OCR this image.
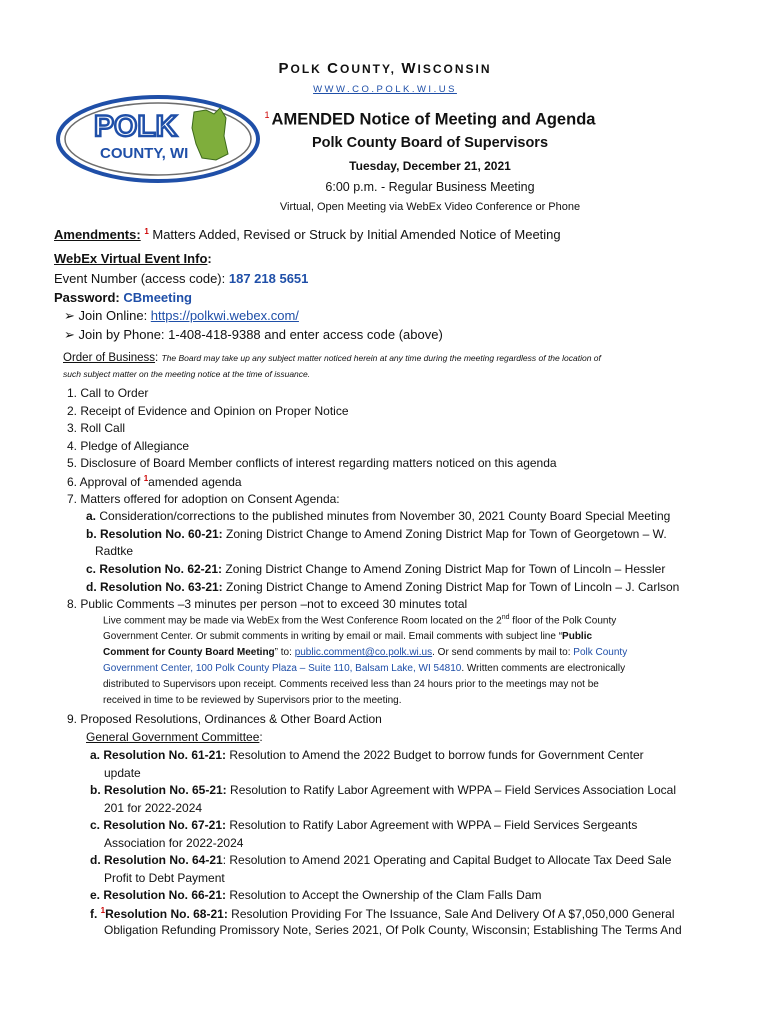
POLK COUNTY, WISCONSIN
WWW.CO.POLK.WI.US
POLK
COUNTY, WI
$^1$ AMENDED Notice of Meeting and Agenda
Polk County Board of Supervisors
Tuesday, December 21, 2021
6:00 p.m. - Regular Business Meeting
Virtual, Open Meeting via WebEx Video Conference or Phone
Amendments: $^1$ Matters Added, Revised or Struck by Initial Amended Notice of Meeting
WebEx Virtual Event Info:
Event Number (access code): 187 218 5651
Password: CBmeeting
➢ Join Online: https://polkwi.webex.com/
➢ Join by Phone: 1-408-418-9388 and enter access code (above)
Order of Business: The Board may take up any subject matter noticed herein at any time during the meeting regardless of the location of
such subject matter on the meeting notice at the time of issuance.
1. Call to Order
2. Receipt of Evidence and Opinion on Proper Notice
3. Roll Call
4. Pledge of Allegiance
5. Disclosure of Board Member conflicts of interest regarding matters noticed on this agenda
6. Approval of $^1$amended agenda
7. Matters offered for adoption on Consent Agenda:
a. Consideration/corrections to the published minutes from November 30, 2021 County Board Special Meeting
b. Resolution No. 60-21: Zoning District Change to Amend Zoning District Map for Town of Georgetown – W.
Radtke
c. Resolution No. 62-21: Zoning District Change to Amend Zoning District Map for Town of Lincoln – Hessler
d. Resolution No. 63-21: Zoning District Change to Amend Zoning District Map for Town of Lincoln – J. Carlson
8. Public Comments –3 minutes per person –not to exceed 30 minutes total
Live comment may be made via WebEx from the West Conference Room located on the 2nd floor of the Polk County
Government Center. Or submit comments in writing by email or mail. Email comments with subject line “Public
Comment for County Board Meeting” to: public.comment@co.polk.wi.us. Or send comments by mail to: Polk County
Government Center, 100 Polk County Plaza – Suite 110, Balsam Lake, WI 54810. Written comments are electronically
distributed to Supervisors upon receipt. Comments received less than 24 hours prior to the meetings may not be
received in time to be reviewed by Supervisors prior to the meeting.
9. Proposed Resolutions, Ordinances & Other Board Action
General Government Committee:
a. Resolution No. 61-21: Resolution to Amend the 2022 Budget to borrow funds for Government Center
update
b. Resolution No. 65-21: Resolution to Ratify Labor Agreement with WPPA – Field Services Association Local
201 for 2022-2024
c. Resolution No. 67-21: Resolution to Ratify Labor Agreement with WPPA – Field Services Sergeants
Association for 2022-2024
d. Resolution No. 64-21: Resolution to Amend 2021 Operating and Capital Budget to Allocate Tax Deed Sale
Profit to Debt Payment
e. Resolution No. 66-21: Resolution to Accept the Ownership of the Clam Falls Dam
f. $^1$Resolution No. 68-21: Resolution Providing For The Issuance, Sale And Delivery Of A $7,050,000 General
Obligation Refunding Promissory Note, Series 2021, Of Polk County, Wisconsin; Establishing The Terms And
